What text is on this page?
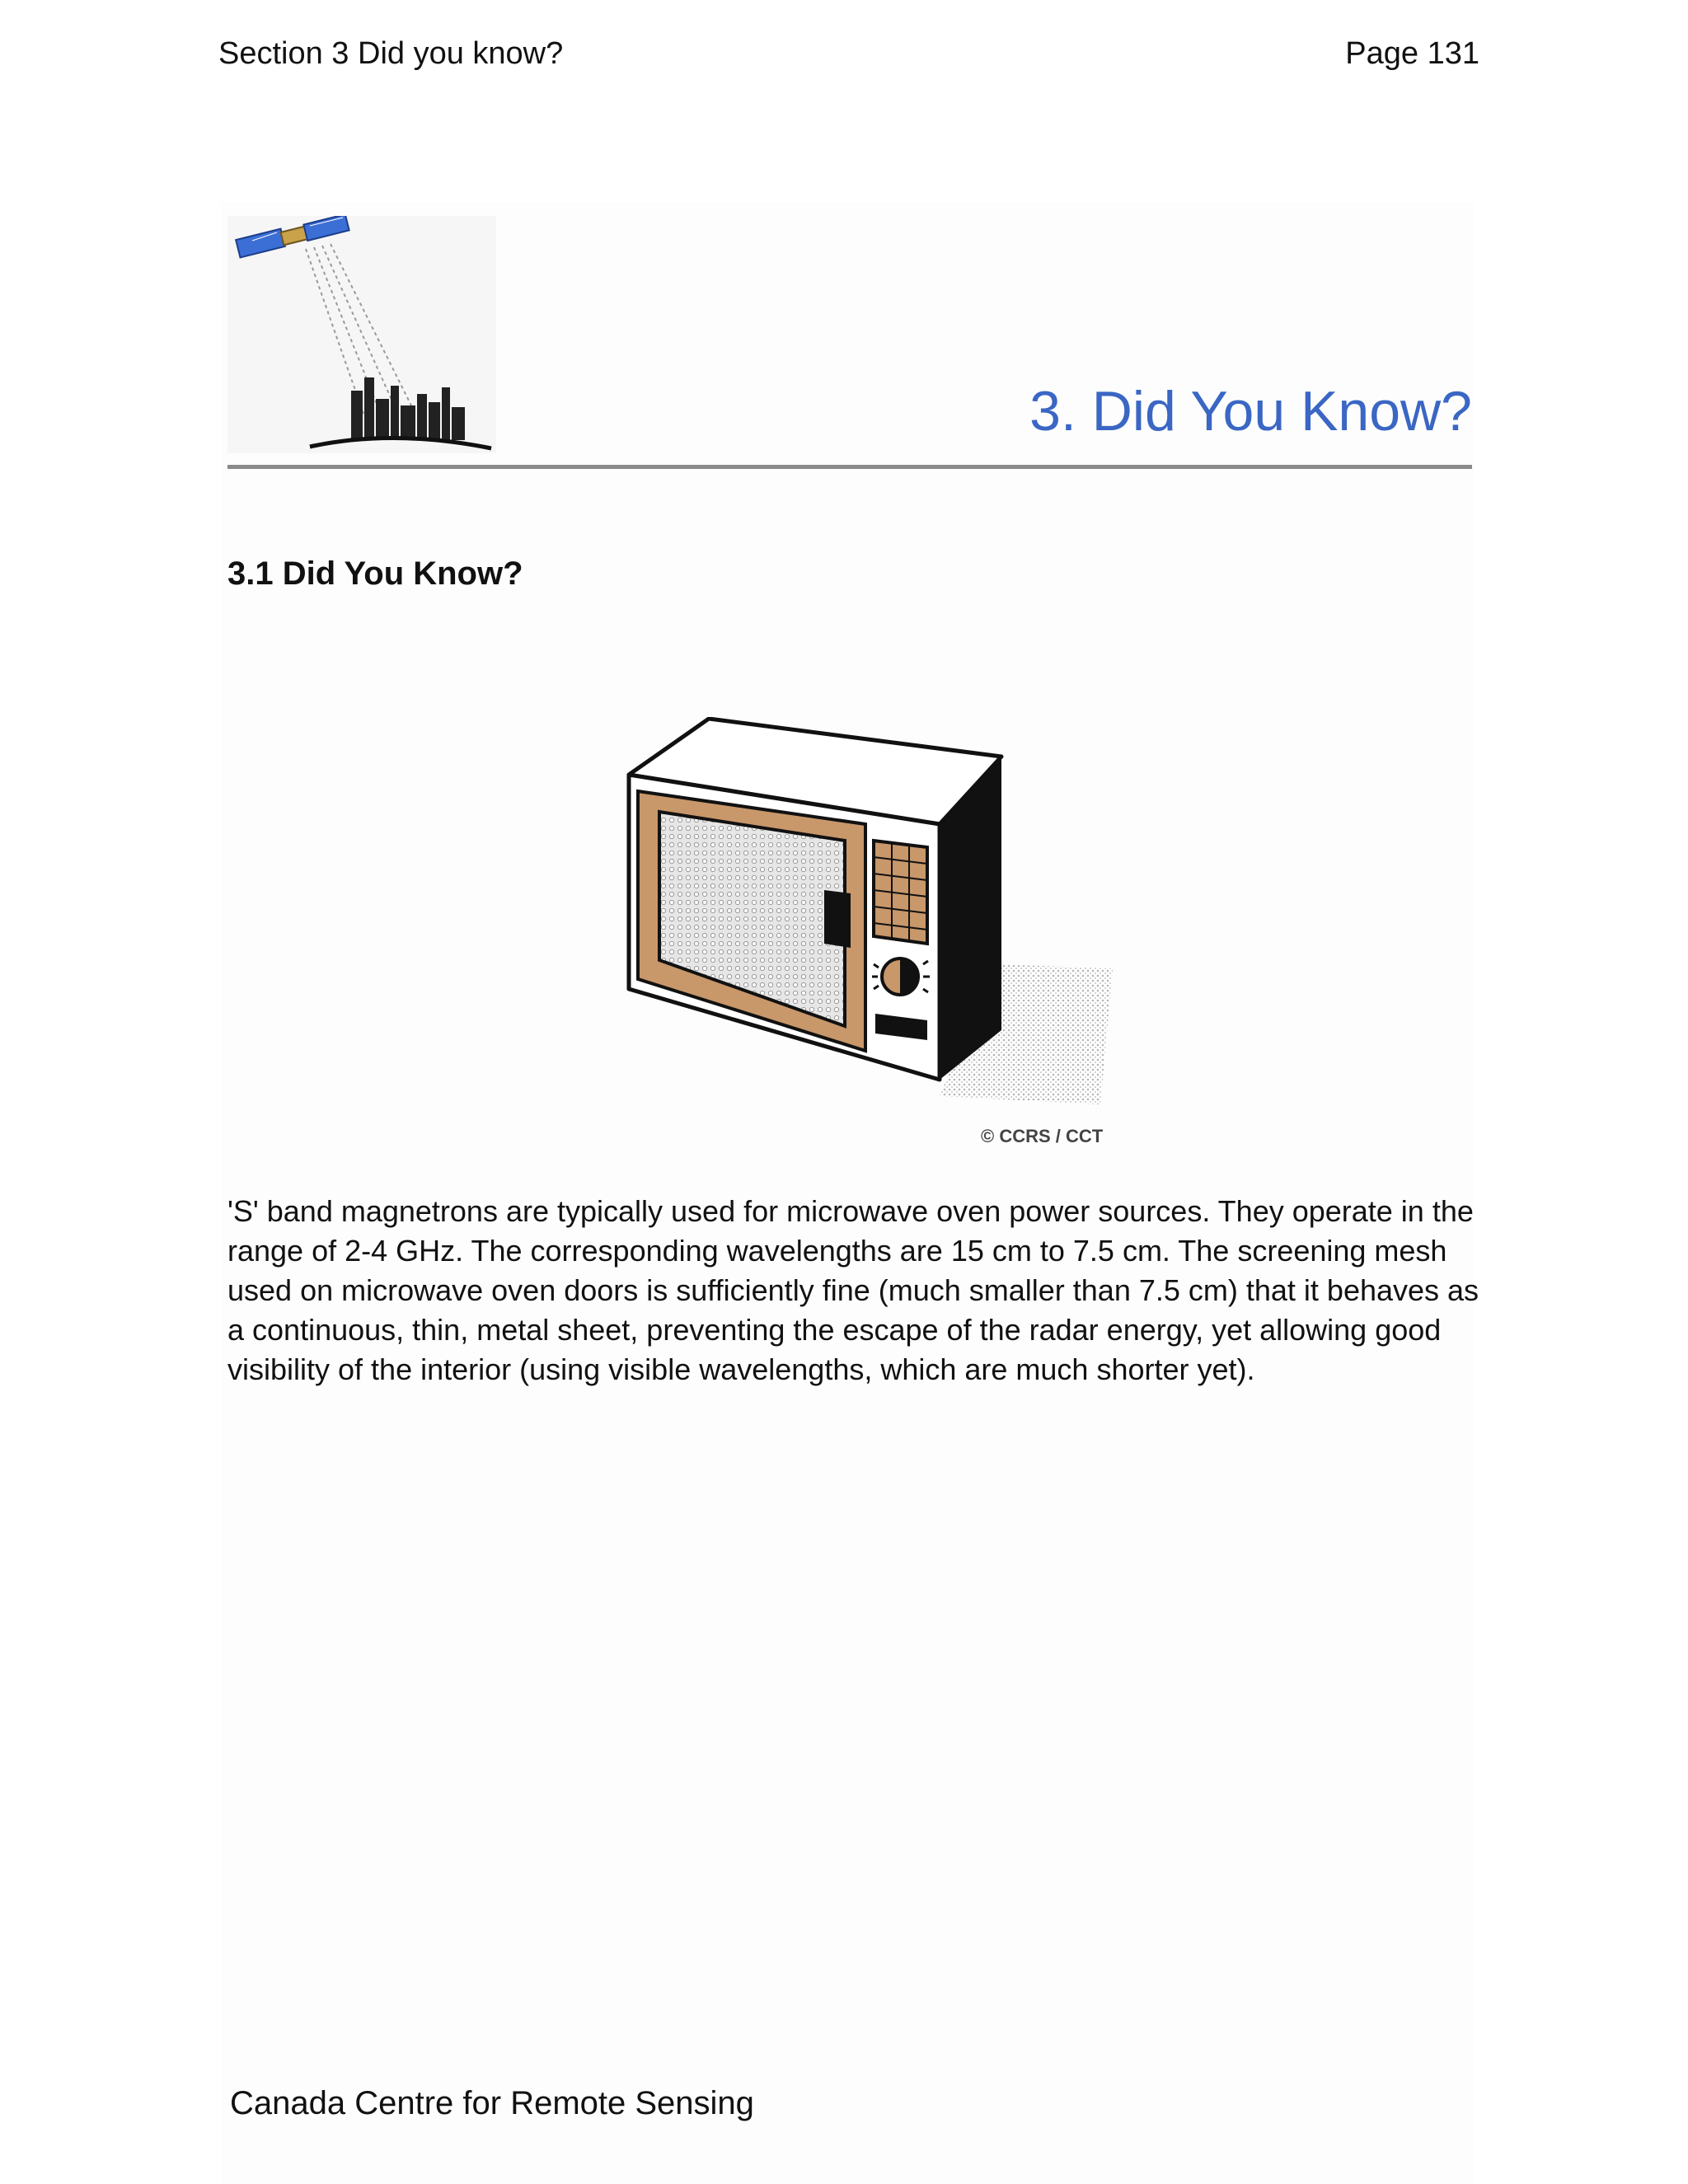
Section 3 Did you know?	Page 131
3. Did You Know?
3.1 Did You Know?
© CCRS / CCT

'S' band magnetrons are typically used for microwave oven power sources. They operate in the range of 2-4 GHz. The corresponding wavelengths are 15 cm to 7.5 cm. The screening mesh used on microwave oven doors is sufficiently fine (much smaller than 7.5 cm) that it behaves as a continuous, thin, metal sheet, preventing the escape of the radar energy, yet allowing good visibility of the interior (using visible wavelengths, which are much shorter yet).

Canada Centre for Remote Sensing
